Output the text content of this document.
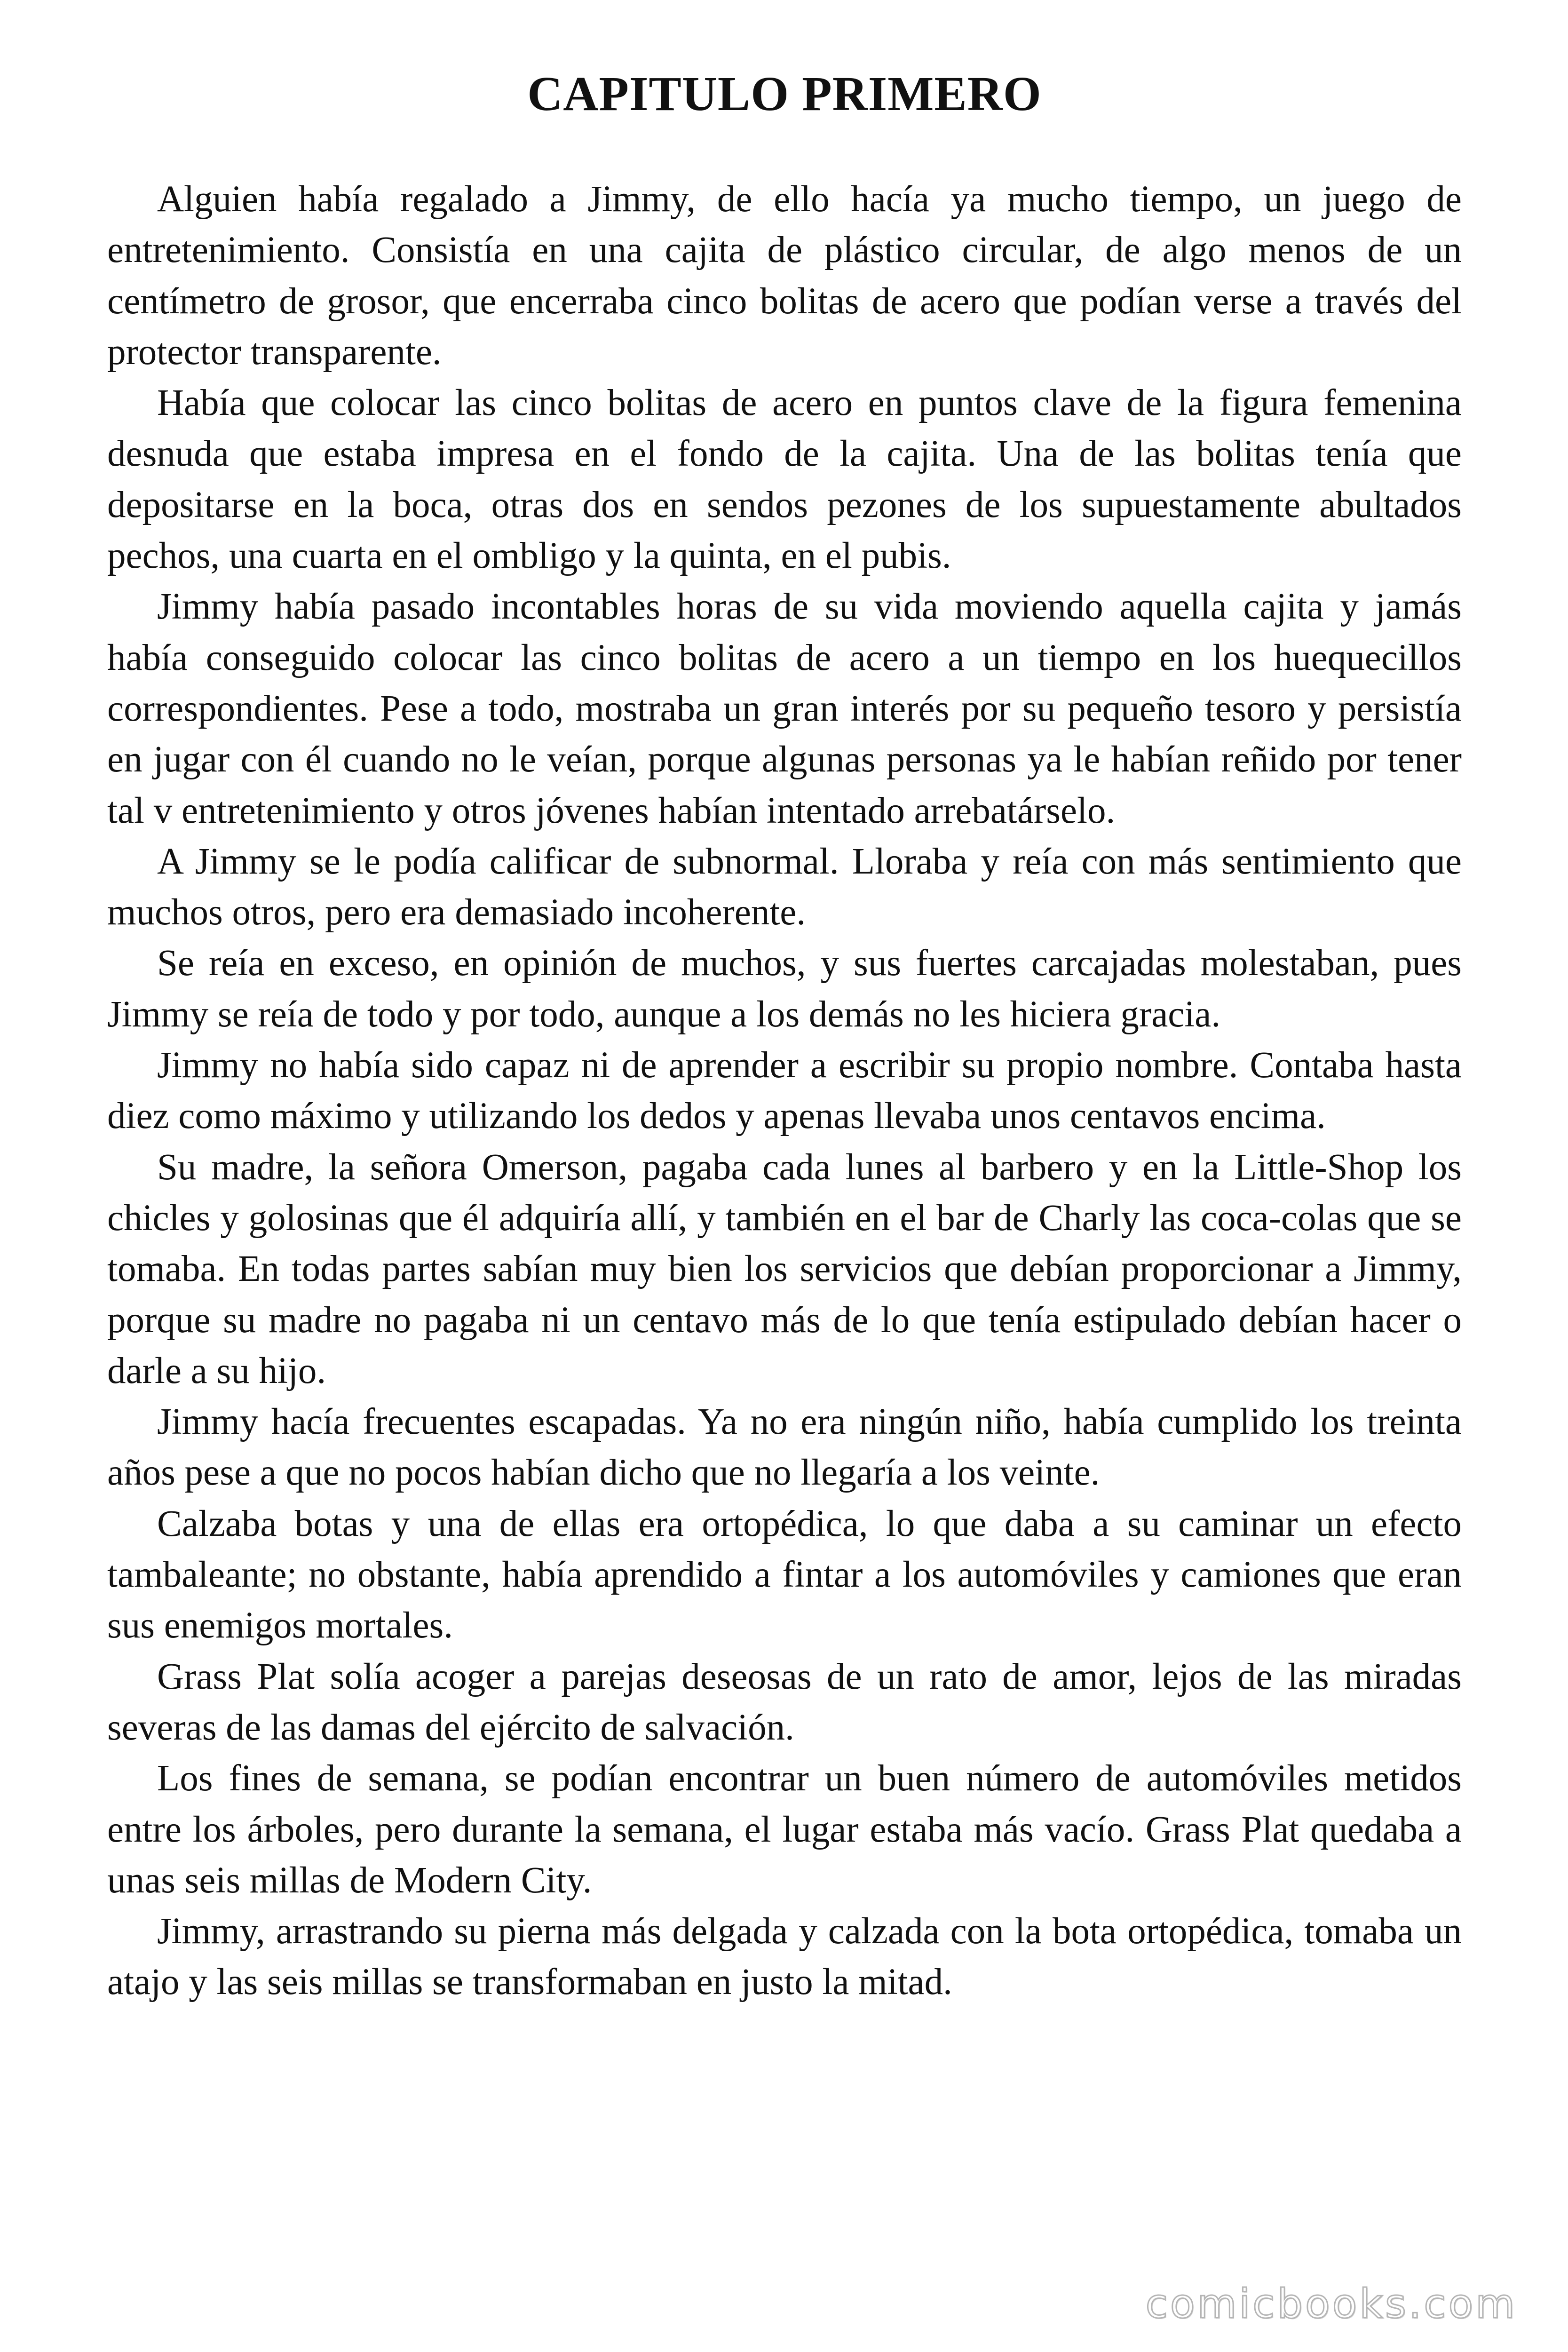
CAPITULO PRIMERO

Alguien había regalado a Jimmy, de ello hacía ya mucho tiempo, un juego de entretenimiento. Consistía en una cajita de plástico circular, de algo menos de un centímetro de grosor, que encerraba cinco bolitas de acero que podían verse a través del protector transparente.

Había que colocar las cinco bolitas de acero en puntos clave de la figura femenina desnuda que estaba impresa en el fondo de la cajita. Una de las bolitas tenía que depositarse en la boca, otras dos en sendos pezones de los supuestamente abultados pechos, una cuarta en el ombligo y la quinta, en el pubis.

Jimmy había pasado incontables horas de su vida moviendo aquella cajita y jamás había conseguido colocar las cinco bolitas de acero a un tiempo en los huequecillos correspondientes. Pese a todo, mostraba un gran interés por su pequeño tesoro y persistía en jugar con él cuando no le veían, porque algunas personas ya le habían reñido por tener tal v entretenimiento y otros jóvenes habían intentado arrebatárselo.

A Jimmy se le podía calificar de subnormal. Lloraba y reía con más sentimiento que muchos otros, pero era demasiado incoherente.

Se reía en exceso, en opinión de muchos, y sus fuertes carcajadas molestaban, pues Jimmy se reía de todo y por todo, aunque a los demás no les hiciera gracia.

Jimmy no había sido capaz ni de aprender a escribir su propio nombre. Contaba hasta diez como máximo y utilizando los dedos y apenas llevaba unos centavos encima.

Su madre, la señora Omerson, pagaba cada lunes al barbero y en la Little-Shop los chicles y golosinas que él adquiría allí, y también en el bar de Charly las coca-colas que se tomaba. En todas partes sabían muy bien los servicios que debían proporcionar a Jimmy, porque su madre no pagaba ni un centavo más de lo que tenía estipulado debían hacer o darle a su hijo.

Jimmy hacía frecuentes escapadas. Ya no era ningún niño, había cumplido los treinta años pese a que no pocos habían dicho que no llegaría a los veinte.

Calzaba botas y una de ellas era ortopédica, lo que daba a su caminar un efecto tambaleante; no obstante, había aprendido a fintar a los automóviles y camiones que eran sus enemigos mortales.

Grass Plat solía acoger a parejas deseosas de un rato de amor, lejos de las miradas severas de las damas del ejército de salvación.

Los fines de semana, se podían encontrar un buen número de automóviles metidos entre los árboles, pero durante la semana, el lugar estaba más vacío. Grass Plat quedaba a unas seis millas de Modern City.

Jimmy, arrastrando su pierna más delgada y calzada con la bota ortopédica, tomaba un atajo y las seis millas se transformaban en justo la mitad.

comicbooks.com
